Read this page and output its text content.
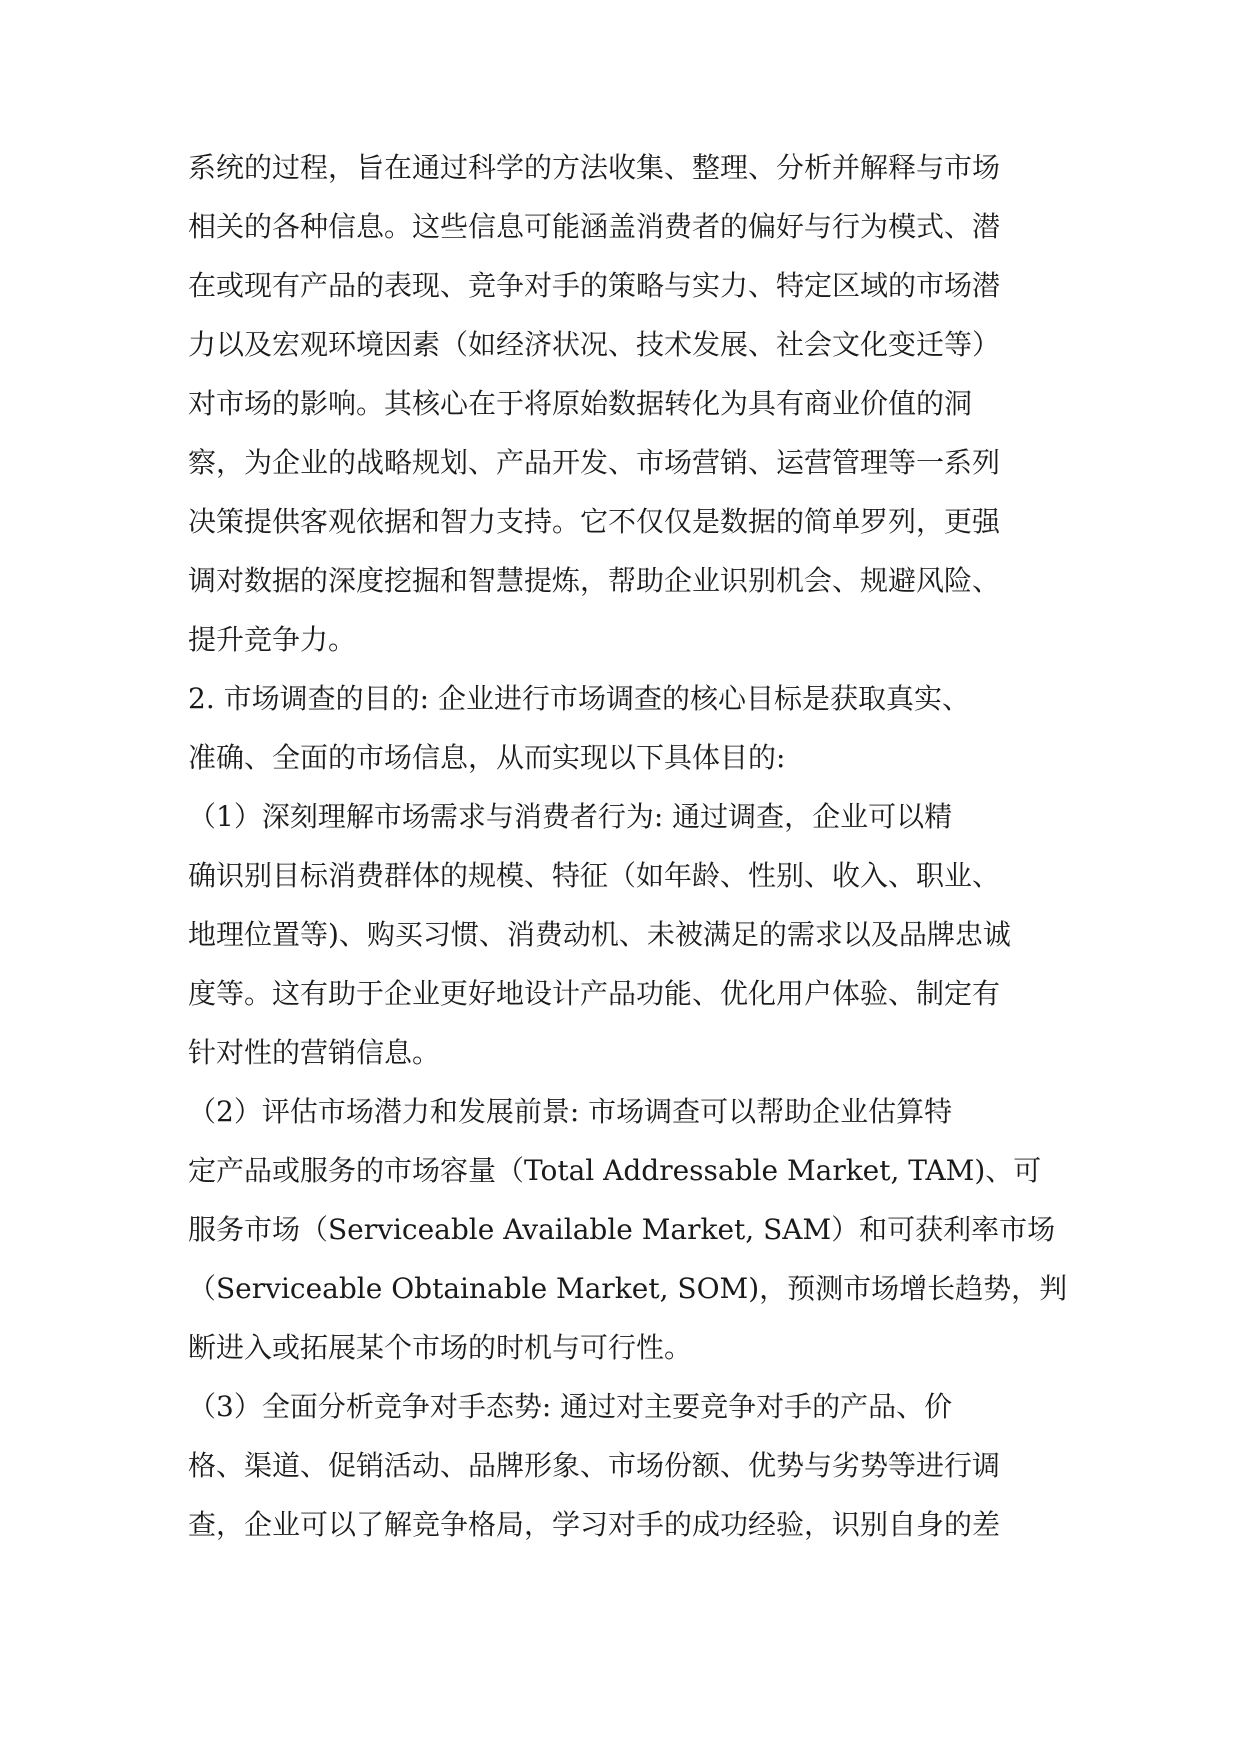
系统的过程，旨在通过科学的方法收集、整理、分析并解释与市场

相关的各种信息。这些信息可能涵盖消费者的偏好与行为模式、潜

在或现有产品的表现、竞争对手的策略与实力、特定区域的市场潜

力以及宏观环境因素（如经济状况、技术发展、社会文化变迁等）

对市场的影响。其核心在于将原始数据转化为具有商业价值的洞

察，为企业的战略规划、产品开发、市场营销、运营管理等一系列

决策提供客观依据和智力支持。它不仅仅是数据的简单罗列，更强

调对数据的深度挖掘和智慧提炼，帮助企业识别机会、规避风险、

提升竞争力。

2. 市场调查的目的: 企业进行市场调查的核心目标是获取真实、

准确、全面的市场信息，从而实现以下具体目的:

（1）深刻理解市场需求与消费者行为: 通过调查，企业可以精

确识别目标消费群体的规模、特征（如年龄、性别、收入、职业、

地理位置等)、购买习惯、消费动机、未被满足的需求以及品牌忠诚

度等。这有助于企业更好地设计产品功能、优化用户体验、制定有

针对性的营销信息。

（2）评估市场潜力和发展前景: 市场调查可以帮助企业估算特

定产品或服务的市场容量（Total Addressable Market, TAM)、可

服务市场（Serviceable Available Market, SAM）和可获利率市场

（Serviceable Obtainable Market, SOM)，预测市场增长趋势，判

断进入或拓展某个市场的时机与可行性。

（3）全面分析竞争对手态势: 通过对主要竞争对手的产品、价

格、渠道、促销活动、品牌形象、市场份额、优势与劣势等进行调

查，企业可以了解竞争格局，学习对手的成功经验，识别自身的差
